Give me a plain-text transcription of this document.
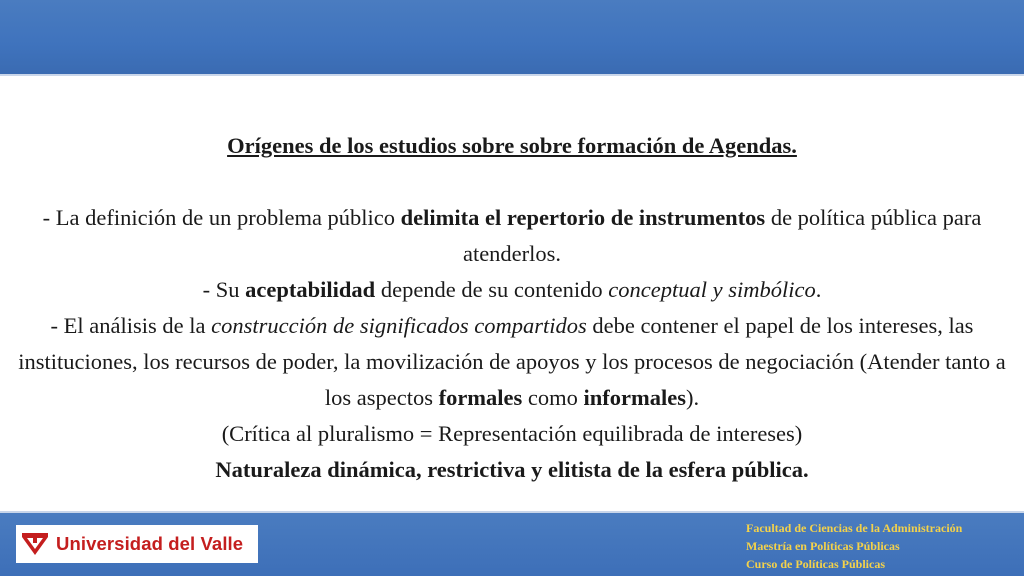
Orígenes de los estudios sobre sobre formación de Agendas.

- La definición de un problema público delimita el repertorio de instrumentos de política pública para atenderlos.

- Su aceptabilidad depende de su contenido conceptual y simbólico.

- El análisis de la construcción de significados compartidos debe contener el papel de los intereses, las instituciones, los recursos de poder, la movilización de apoyos y los procesos de negociación (Atender tanto a los aspectos formales como informales).

(Crítica al pluralismo = Representación equilibrada de intereses)

Naturaleza dinámica, restrictiva y elitista de la esfera pública.

Universidad del Valle
Facultad de Ciencias de la Administración
Maestría en Políticas Públicas
Curso de Políticas Públicas
